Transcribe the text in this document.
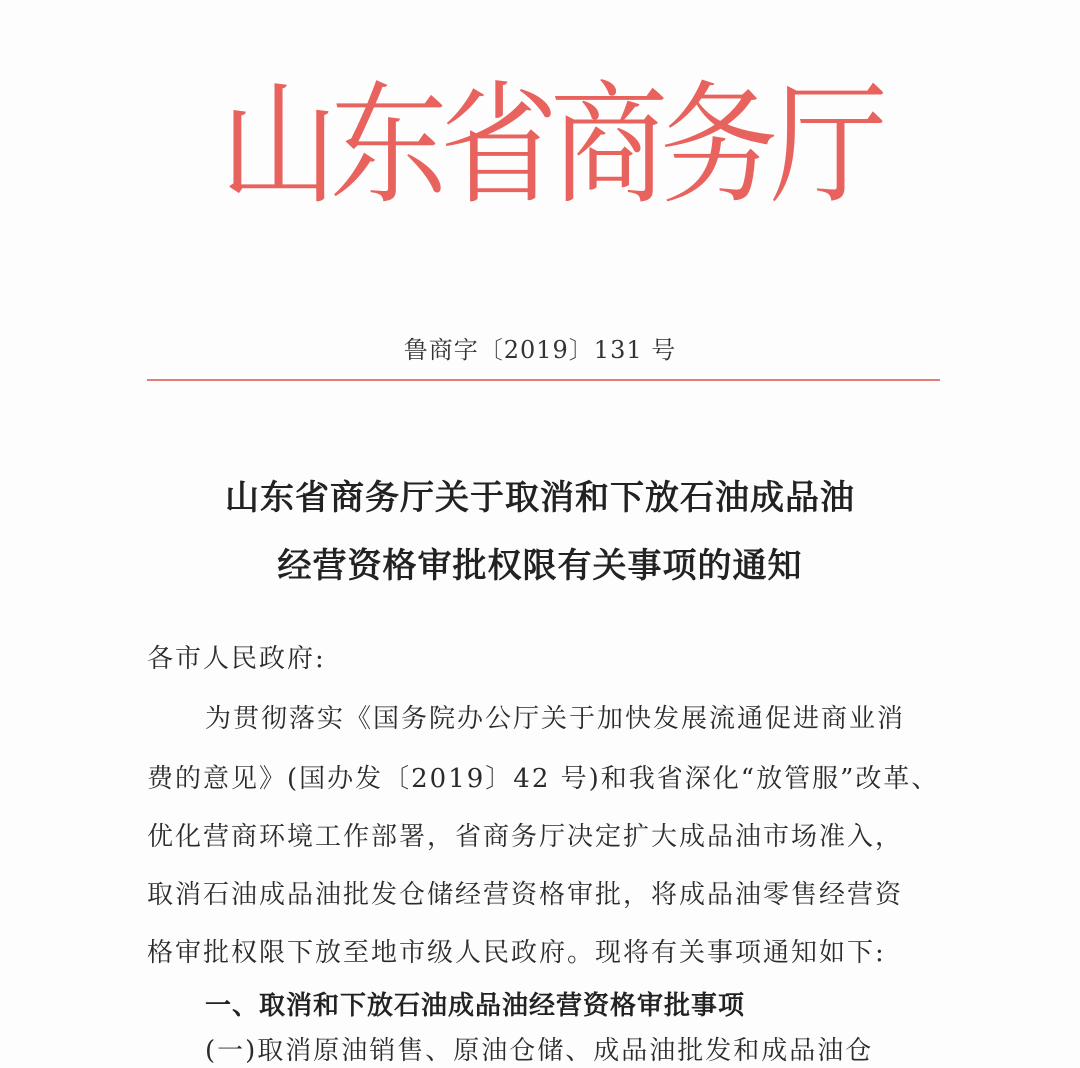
山
东
省
商
务
厅
鲁商字〔2019〕131 号
山东省商务厅关于取消和下放石油成品油
经营资格审批权限有关事项的通知
各市人民政府:
为贯彻落实《国务院办公厅关于加快发展流通促进商业消
费的意见》(国办发〔2019〕42 号)和我省深化“放管服”改革、
优化营商环境工作部署，省商务厅决定扩大成品油市场准入，
取消石油成品油批发仓储经营资格审批，将成品油零售经营资
格审批权限下放至地市级人民政府。现将有关事项通知如下:
一、取消和下放石油成品油经营资格审批事项
(一)取消原油销售、原油仓储、成品油批发和成品油仓
